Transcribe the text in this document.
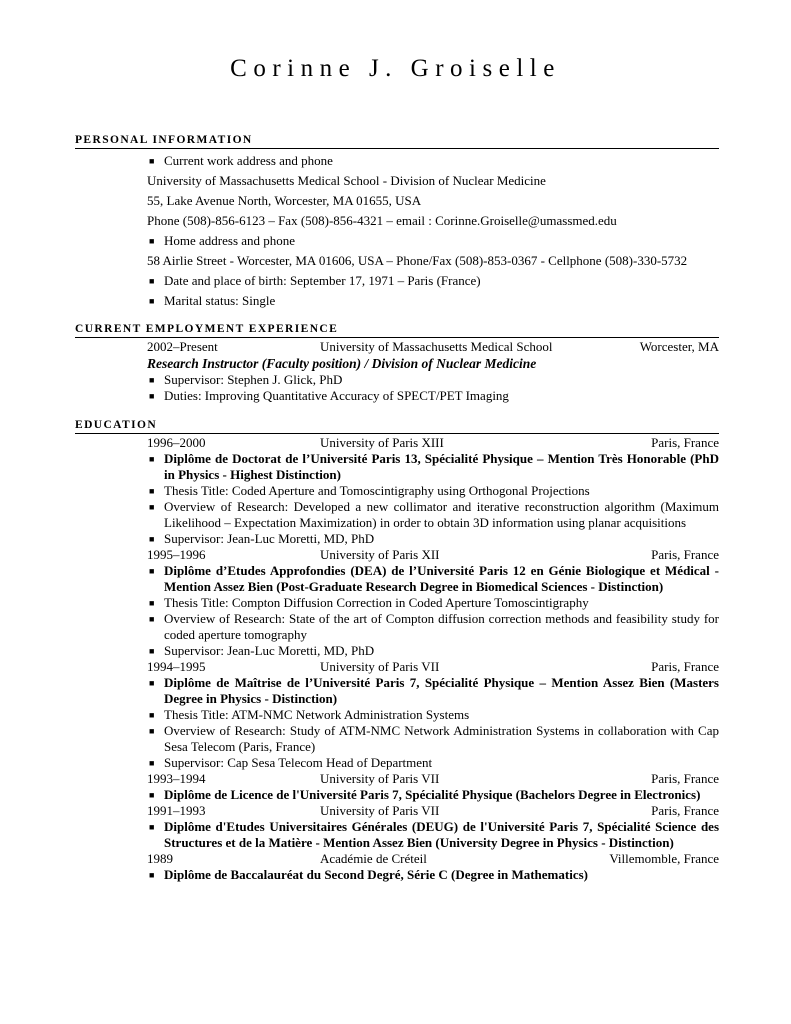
Corinne J. Groiselle
PERSONAL INFORMATION
■ Current work address and phone
University of Massachusetts Medical School - Division of Nuclear Medicine
55, Lake Avenue North, Worcester, MA 01655, USA
Phone (508)-856-6123 – Fax (508)-856-4321 – email : Corinne.Groiselle@umassmed.edu
■ Home address and phone
58 Airlie Street - Worcester, MA 01606, USA – Phone/Fax (508)-853-0367 - Cellphone (508)-330-5732
■ Date and place of birth: September 17, 1971 – Paris (France)
■ Marital status: Single
CURRENT EMPLOYMENT EXPERIENCE
2002–Present	University of Massachusetts Medical School	Worcester, MA
Research Instructor (Faculty position) / Division of Nuclear Medicine
■ Supervisor: Stephen J. Glick, PhD
■ Duties: Improving Quantitative Accuracy of SPECT/PET Imaging
EDUCATION
1996–2000	University of Paris XIII	Paris, France
■ Diplôme de Doctorat de l’Université Paris 13, Spécialité Physique – Mention Très Honorable (PhD in Physics - Highest Distinction)
■ Thesis Title: Coded Aperture and Tomoscintigraphy using Orthogonal Projections
■ Overview of Research: Developed a new collimator and iterative reconstruction algorithm (Maximum Likelihood – Expectation Maximization) in order to obtain 3D information using planar acquisitions
■ Supervisor: Jean-Luc Moretti, MD, PhD
1995–1996	University of Paris XII	Paris, France
■ Diplôme d’Etudes Approfondies (DEA) de l’Université Paris 12 en Génie Biologique et Médical - Mention Assez Bien (Post-Graduate Research Degree in Biomedical Sciences - Distinction)
■ Thesis Title: Compton Diffusion Correction in Coded Aperture Tomoscintigraphy
■ Overview of Research: State of the art of Compton diffusion correction methods and feasibility study for coded aperture tomography
■ Supervisor: Jean-Luc Moretti, MD, PhD
1994–1995	University of Paris VII	Paris, France
■ Diplôme de Maîtrise de l’Université Paris 7, Spécialité Physique – Mention Assez Bien (Masters Degree in Physics - Distinction)
■ Thesis Title: ATM-NMC Network Administration Systems
■ Overview of Research: Study of ATM-NMC Network Administration Systems in collaboration with Cap Sesa Telecom (Paris, France)
■ Supervisor: Cap Sesa Telecom Head of Department
1993–1994	University of Paris VII	Paris, France
■ Diplôme de Licence de l'Université Paris 7, Spécialité Physique (Bachelors Degree in Electronics)
1991–1993	University of Paris VII	Paris, France
■ Diplôme d'Etudes Universitaires Générales (DEUG) de l'Université Paris 7, Spécialité Science des Structures et de la Matière - Mention Assez Bien (University Degree in Physics - Distinction)
1989	Académie de Créteil	Villemomble, France
■ Diplôme de Baccalauréat du Second Degré, Série C (Degree in Mathematics)
